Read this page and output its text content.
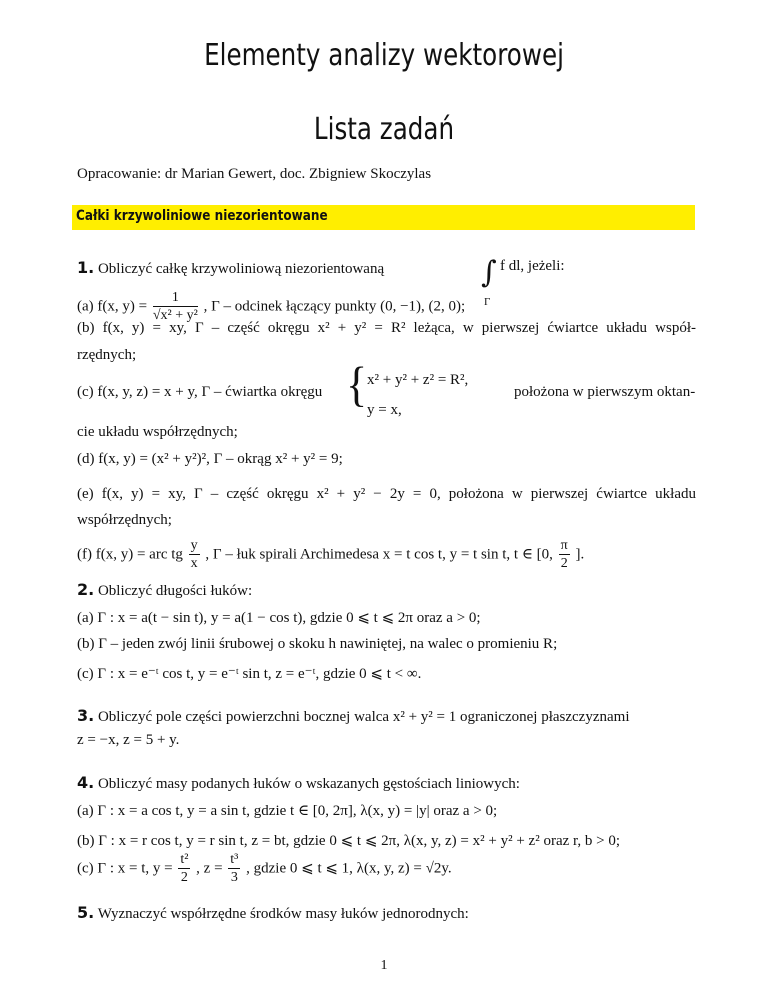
Elementy analizy wektorowej
Lista zadań
Opracowanie: dr Marian Gewert, doc. Zbigniew Skoczylas
Całki krzywoliniowe niezorientowane
1. Obliczyć całkę krzywoliniową niezorientowaną	∫
Γ
f dl, jeżeli:
(a) f(x, $y) = \frac{1}{\text{√x² + y²}}$ , Γ – odcinek łączący punkty (0, −1), (2, 0);
(b) f(x, y) = xy, Γ – część okręgu x² + y² = R² leżąca, w pierwszej ćwiartce układu współ-
rzędnych;
(c) f(x, y, z) = x + y, Γ – ćwiartka okręgu { x² + y² + z² = R²,
y = x,
położona w pierwszym oktan-
cie układu współrzędnych;
(d) f(x, y) = (x² + y²)², Γ – okrąg x² + y² = 9;
(e) f(x, y) = xy, Γ – część okręgu x² + y² − 2y = 0, położona w pierwszej ćwiartce układu
współrzędnych;
(f) f(x, y) = arc tg $\frac{y}{x}$ , Γ – łuk spirali Archimedesa x = t cos t, y = t sin t, t ∈ [0, $\frac{\pi}{2}$ ].
2. Obliczyć długości łuków:
(a) Γ : x = a(t − sin t), y = a(1 − cos t), gdzie 0 ⩽ t ⩽ 2π oraz a > 0;
(b) Γ – jeden zwój linii śrubowej o skoku h nawiniętej, na walec o promieniu R;
(c) Γ : x = e⁻ᵗ cos t, y = e⁻ᵗ sin t, z = e⁻ᵗ, gdzie 0 ⩽ t < ∞.
3. Obliczyć pole części powierzchni bocznej walca x² + y² = 1 ograniczonej płaszczyznami
z = −x, z = 5 + y.
4. Obliczyć masy podanych łuków o wskazanych gęstościach liniowych:
(a) Γ : x = a cos t, y = a sin t, gdzie t ∈ [0, 2π], λ(x, y) = |y| oraz a > 0;
(b) Γ : x = r cos t, y = r sin t, z = bt, gdzie 0 ⩽ t ⩽ 2π, λ(x, y, z) = x² + y² + z² oraz r, b > 0;
(c) Γ : x = t, $y = \frac{\text{t²}}{2}$ , $z = \frac{\text{t³}}{3}$ , gdzie 0 ⩽ t ⩽ 1, λ(x, y, z) = √2y.
5. Wyznaczyć współrzędne środków masy łuków jednorodnych:
1
